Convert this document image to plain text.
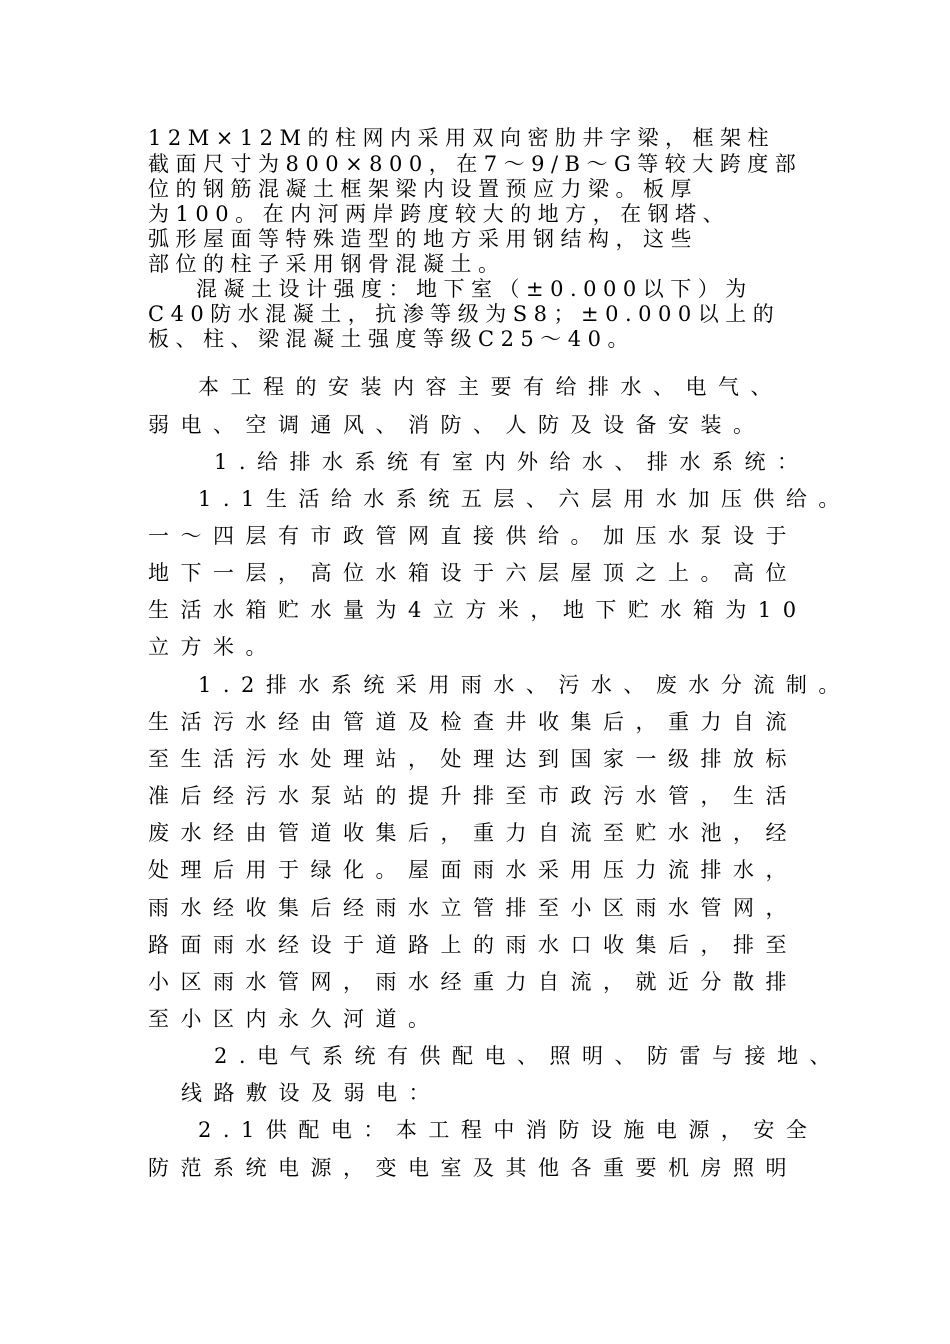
12M×12M的柱网内采用双向密肋井字梁，框架柱
截面尺寸为800×800，在7～9/B～G等较大跨度部
位的钢筋混凝土框架梁内设置预应力梁。板厚
为100。在内河两岸跨度较大的地方，在钢塔、
弧形屋面等特殊造型的地方采用钢结构，这些
部位的柱子采用钢骨混凝土。
混凝土设计强度：地下室（±0.000以下）为
C40防水混凝土，抗渗等级为S8；±0.000以上的
板、柱、梁混凝土强度等级C25～40。
本工程的安装内容主要有给排水、电气、
弱电、空调通风、消防、人防及设备安装。
1.给排水系统有室内外给水、排水系统：
1.1生活给水系统五层、六层用水加压供给。
一～四层有市政管网直接供给。加压水泵设于
地下一层，高位水箱设于六层屋顶之上。高位
生活水箱贮水量为4立方米，地下贮水箱为10
立方米。
1.2排水系统采用雨水、污水、废水分流制。
生活污水经由管道及检查井收集后，重力自流
至生活污水处理站，处理达到国家一级排放标
准后经污水泵站的提升排至市政污水管，生活
废水经由管道收集后，重力自流至贮水池，经
处理后用于绿化。屋面雨水采用压力流排水，
雨水经收集后经雨水立管排至小区雨水管网，
路面雨水经设于道路上的雨水口收集后，排至
小区雨水管网，雨水经重力自流，就近分散排
至小区内永久河道。
2.电气系统有供配电、照明、防雷与接地、
线路敷设及弱电：
2.1供配电：本工程中消防设施电源，安全
防范系统电源，变电室及其他各重要机房照明
